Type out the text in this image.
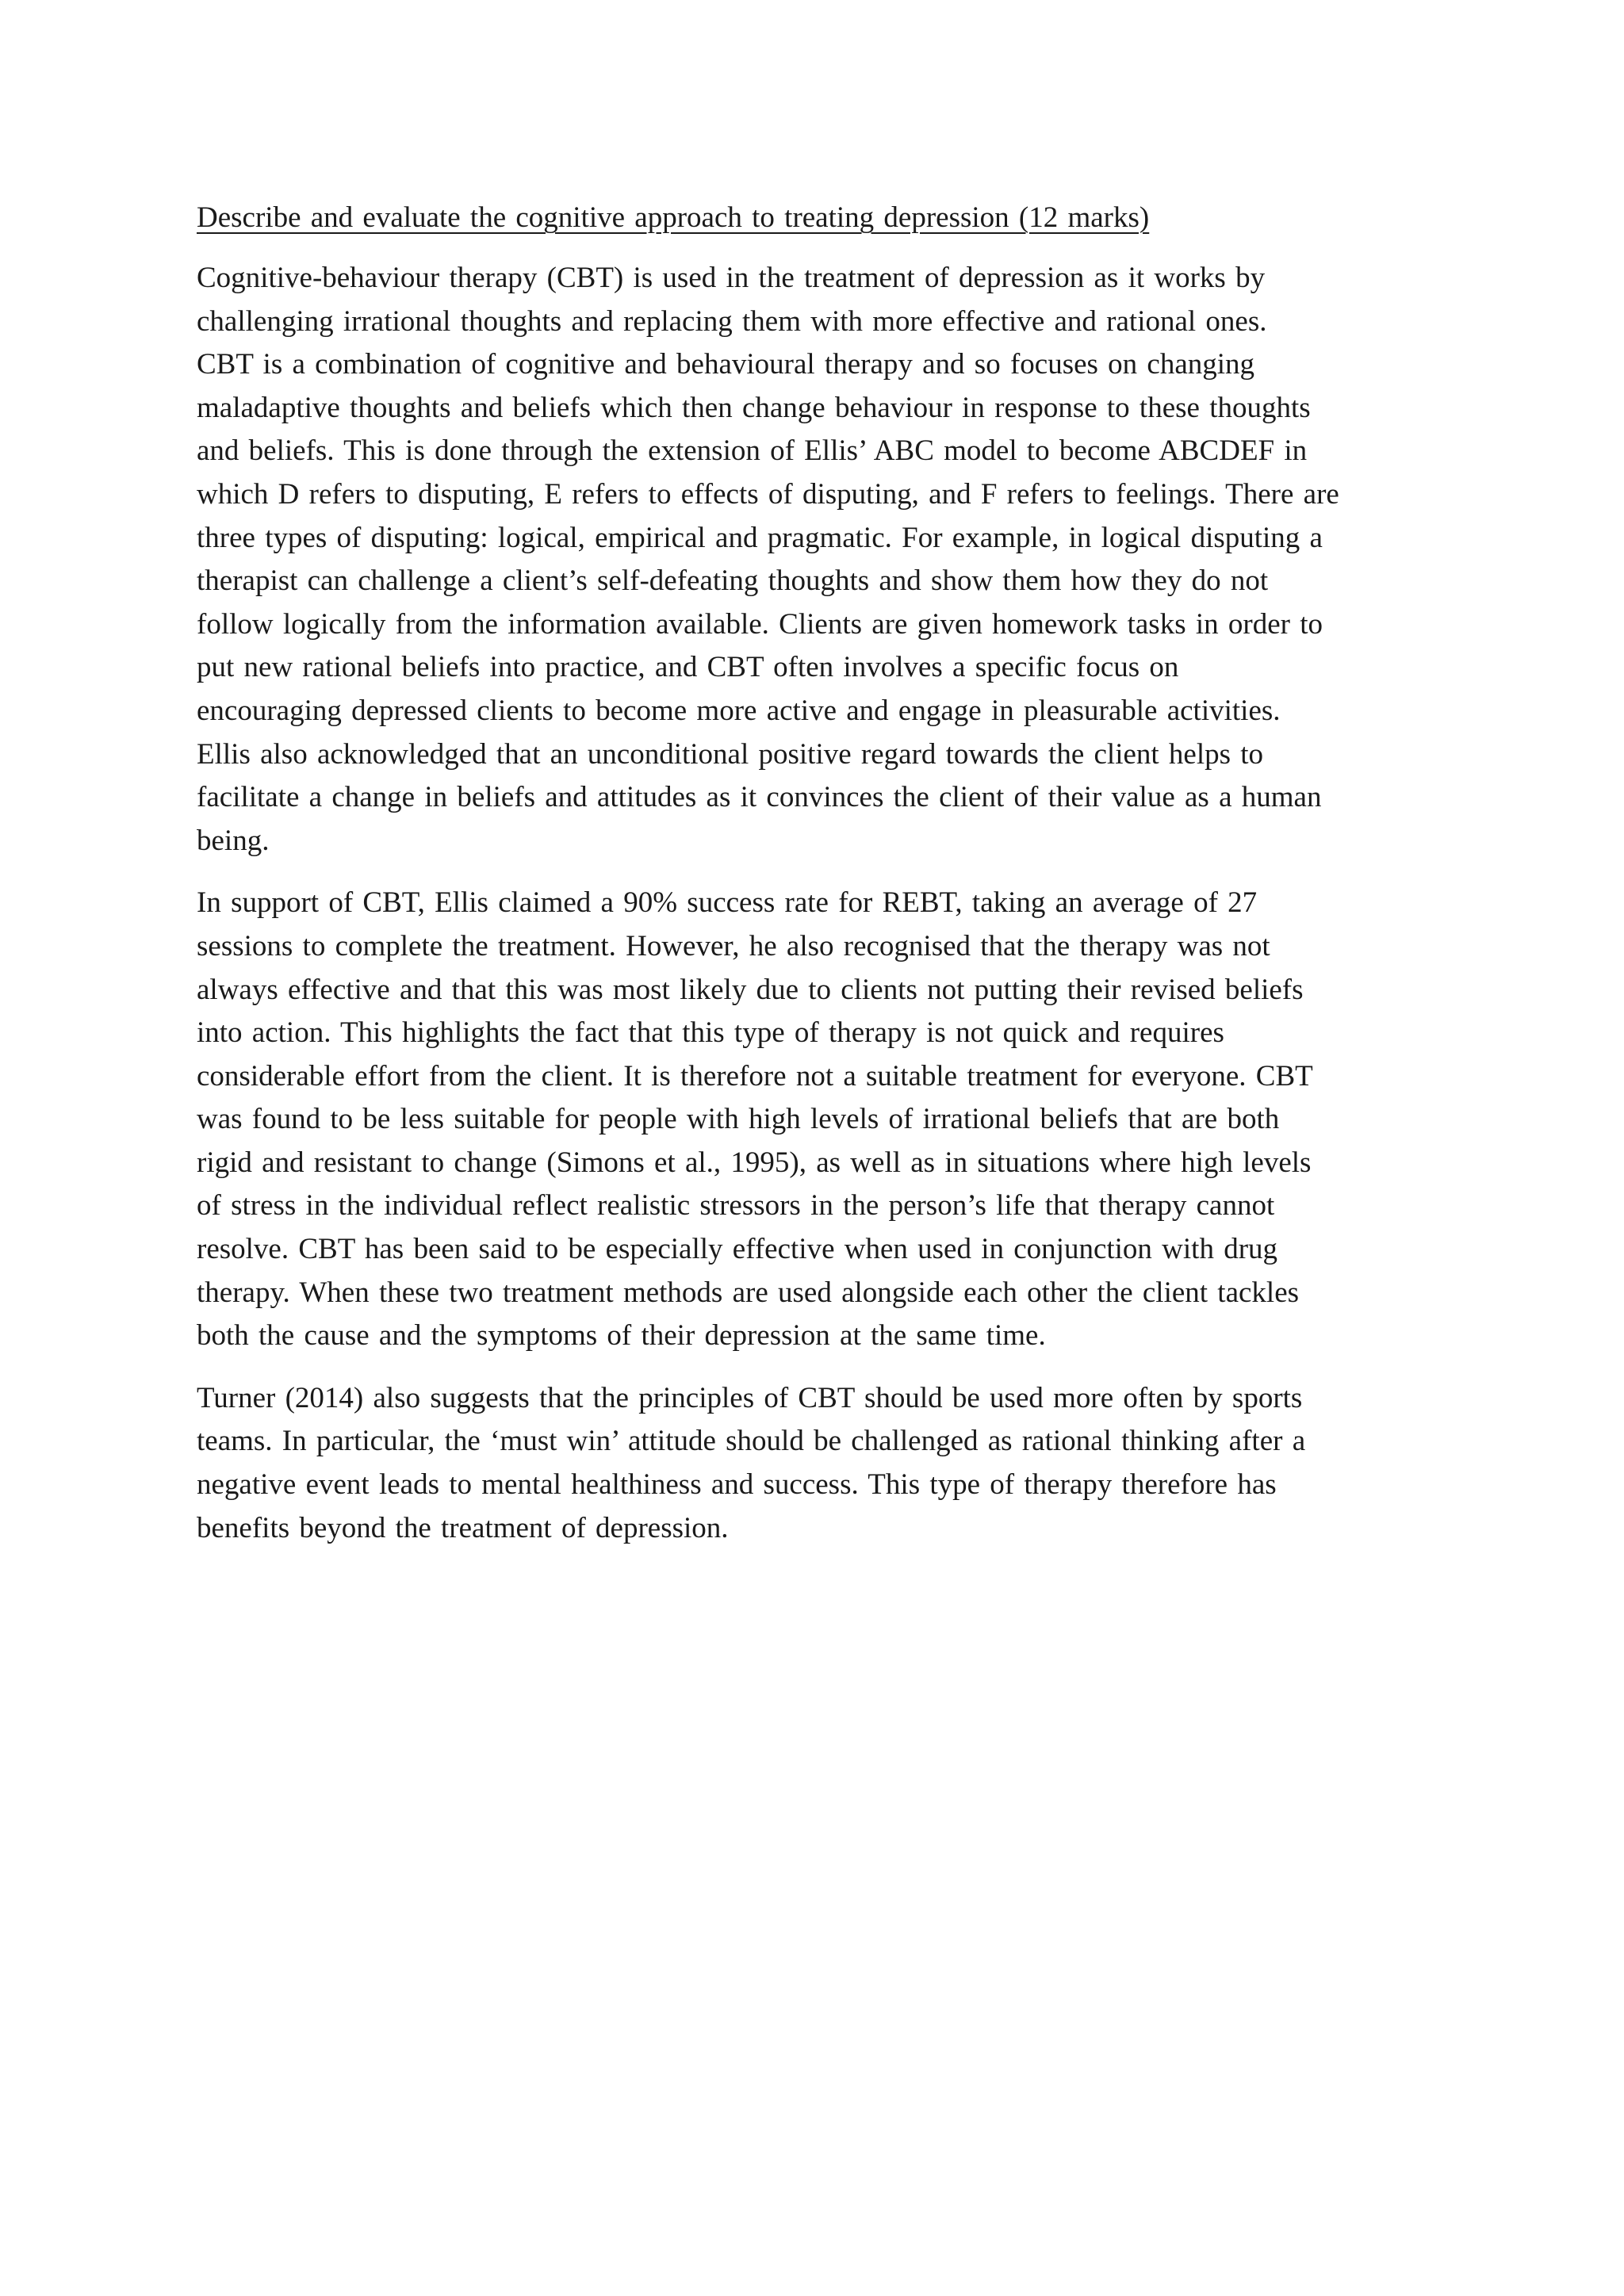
Describe and evaluate the cognitive approach to treating depression (12 marks)

Cognitive-behaviour therapy (CBT) is used in the treatment of depression as it works by
challenging irrational thoughts and replacing them with more effective and rational ones.
CBT is a combination of cognitive and behavioural therapy and so focuses on changing
maladaptive thoughts and beliefs which then change behaviour in response to these thoughts
and beliefs. This is done through the extension of Ellis’ ABC model to become ABCDEF in
which D refers to disputing, E refers to effects of disputing, and F refers to feelings. There are
three types of disputing: logical, empirical and pragmatic. For example, in logical disputing a
therapist can challenge a client’s self-defeating thoughts and show them how they do not
follow logically from the information available. Clients are given homework tasks in order to
put new rational beliefs into practice, and CBT often involves a specific focus on
encouraging depressed clients to become more active and engage in pleasurable activities.
Ellis also acknowledged that an unconditional positive regard towards the client helps to
facilitate a change in beliefs and attitudes as it convinces the client of their value as a human
being.

In support of CBT, Ellis claimed a 90% success rate for REBT, taking an average of 27
sessions to complete the treatment. However, he also recognised that the therapy was not
always effective and that this was most likely due to clients not putting their revised beliefs
into action. This highlights the fact that this type of therapy is not quick and requires
considerable effort from the client. It is therefore not a suitable treatment for everyone. CBT
was found to be less suitable for people with high levels of irrational beliefs that are both
rigid and resistant to change (Simons et al., 1995), as well as in situations where high levels
of stress in the individual reflect realistic stressors in the person’s life that therapy cannot
resolve. CBT has been said to be especially effective when used in conjunction with drug
therapy. When these two treatment methods are used alongside each other the client tackles
both the cause and the symptoms of their depression at the same time.

Turner (2014) also suggests that the principles of CBT should be used more often by sports
teams. In particular, the ‘must win’ attitude should be challenged as rational thinking after a
negative event leads to mental healthiness and success. This type of therapy therefore has
benefits beyond the treatment of depression.
